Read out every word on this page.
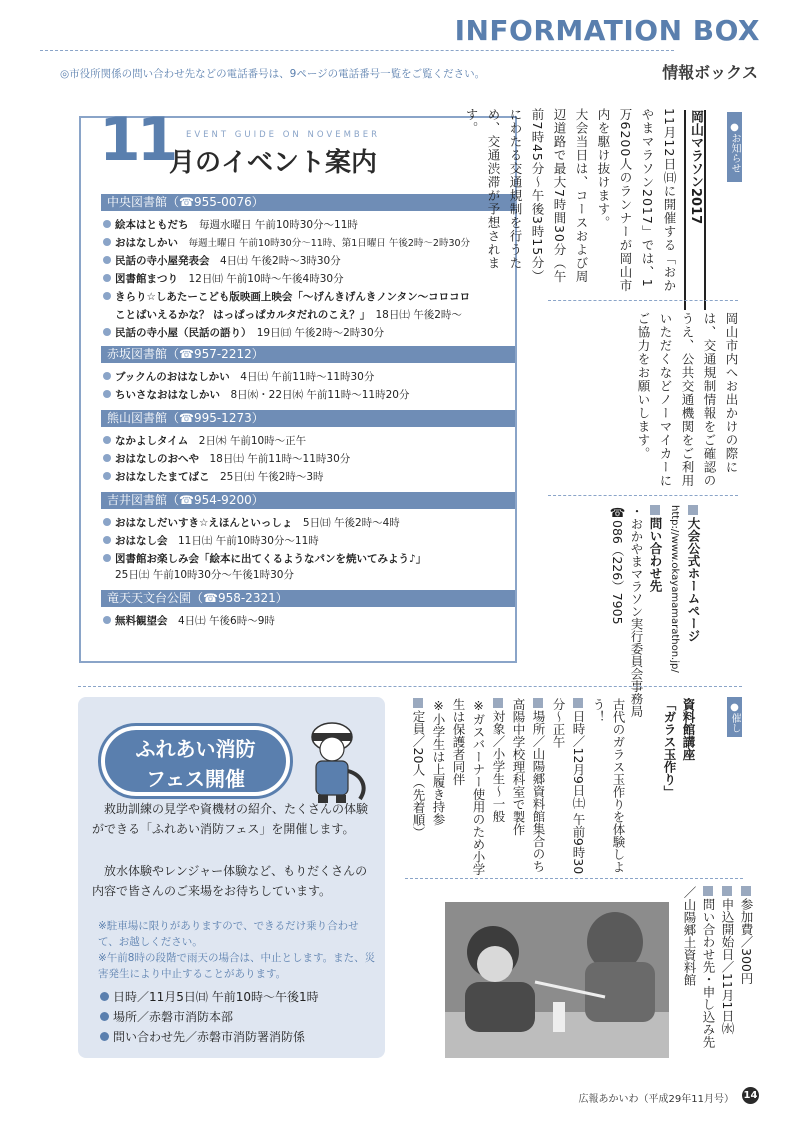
INFORMATION BOX
情報ボックス
◎市役所関係の問い合わせ先などの電話番号は、9ページの電話番号一覧をご覧ください。
11 EVENT GUIDE ON NOVEMBER
月のイベント案内
中央図書館（☎955-0076）
絵本はともだち　 毎週水曜日 午前10時30分～11時
おはなしかい　 毎週土曜日 午前10時30分～11時、第1日曜日 午後2時～2時30分
民話の寺小屋発表会　 4日㈯ 午後2時～3時30分
図書館まつり　 12日㈰ 午前10時～午後4時30分
きらり☆しあたーこども版映画上映会「～げんきげんきノンタン～コロコロ
ことばいえるかな？ はっぱっぱカルタだれのこえ？」　 18日㈯ 午後2時～
民話の寺小屋（民話の語り）　 19日㈰ 午後2時～2時30分
赤坂図書館（☎957-2212）
ブックんのおはなしかい　 4日㈯ 午前11時～11時30分
ちいさなおはなしかい　 8日㈬・22日㈬ 午前11時～11時20分
熊山図書館（☎995-1273）
なかよしタイム　 2日㈭ 午前10時～正午
おはなしのおへや　 18日㈯ 午前11時～11時30分
おはなしたまてばこ　 25日㈯ 午後2時～3時
吉井図書館（☎954-9200）
おはなしだいすき☆えほんといっしょ　 5日㈰ 午後2時～4時
おはなし会　 11日㈯ 午前10時30分～11時
図書館お楽しみ会「絵本に出てくるようなパンを焼いてみよう♪」
25日㈯ 午前10時30分～午後1時30分
竜天天文台公園（☎958-2321）
無料観望会　 4日㈯ 午後6時～9時
●お知らせ
岡山マラソン2017
11月12日㈰に開催する「おかやまマラソン2017」では、1万6200人のランナーが岡山市内を駆け抜けます。
大会当日は、コースおよび周辺道路で最大7時間30分（午前7時45分～午後3時15分）にわたる交通規制を行うため、交通渋滞が予想されます。
岡山市内へお出かけの際には、交通規制情報をご確認のうえ、公共交通機関をご利用いただくなどノーマイカーにご協力をお願いします。

大会公式ホームページ

http://www.okayamamarathon.jp/

問い合わせ先

・おかやまマラソン実行委員会事務局

☎086（226）7905

●催し

資料館講座

「ガラス玉作り」

古代のガラス玉作りを体験しよう！

日時／12月9日㈯ 午前9時30分～正午

場所／山陽郷資料館集合のち高陽中学校理科室で製作

対象／小学生～一般

※ガスバーナー使用のため小学生は保護者同伴

※小学生は上履き持参

定員／20人（先着順）

参加費／300円

申込開始日／11月1日㈬

問い合わせ先・申し込み先／山陽郷土資料館

ふれあい消防
フェス開催
救助訓練の見学や資機材の紹介、たくさんの体験ができる「ふれあい消防フェス」を開催します。
放水体験やレンジャー体験など、もりだくさんの内容で皆さんのご来場をお待ちしています。
※駐車場に限りがありますので、できるだけ乗り合わせて、お越しください。
※午前8時の段階で雨天の場合は、中止とします。また、災害発生により中止することがあります。
日時／11月5日㈰ 午前10時～午後1時
場所／赤磐市消防本部
問い合わせ先／赤磐市消防署消防係
広報あかいわ（平成29年11月号） 14
